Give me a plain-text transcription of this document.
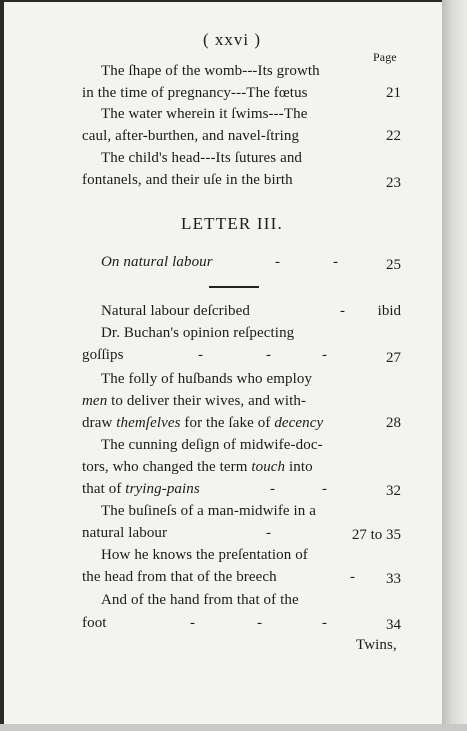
( xxvi )
Page
The ſhape of the womb---Its growth
in the time of pregnancy---The fœtus	21
The water wherein it ſwims---The
caul, after-burthen, and navel-ſtring	22
The child's head---Its ſutures and
fontanels, and their uſe in the birth	23
LETTER III.
On natural labour	-	-	25
Natural labour deſcribed	-	ibid
Dr. Buchan's opinion reſpecting
goſſips	-	-	-	27
The folly of huſbands who employ
men to deliver their wives, and with-
draw themſelves for the ſake of decency	28
The cunning deſign of midwife-doc-
tors, who changed the term touch into
that of trying-pains	-	-	32
The buſineſs of a man-midwife in a
natural labour	-	27 to 35
How he knows the preſentation of
the head from that of the breech	-	33
And of the hand from that of the
foot	-	-	-	34
Twins,
